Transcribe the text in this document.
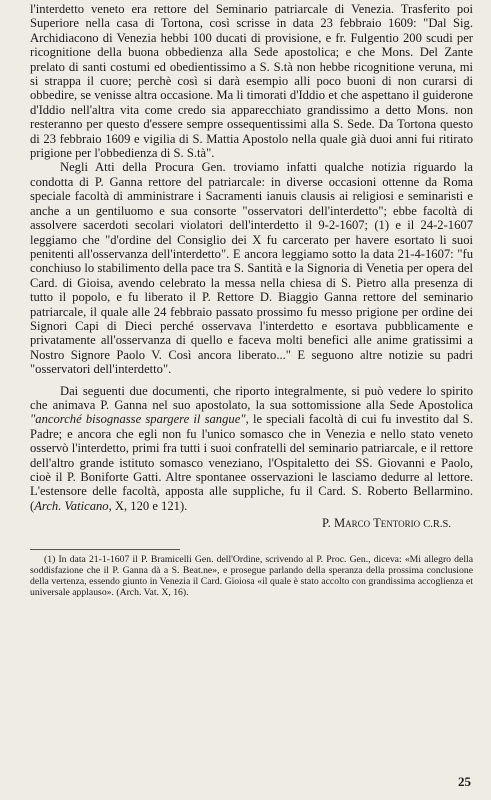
l'interdetto veneto era rettore del Seminario patriarcale di Venezia. Trasferito poi Superiore nella casa di Tortona, così scrisse in data 23 febbraio 1609: "Dal Sig. Archidiacono di Venezia hebbi 100 ducati di provisione, e fr. Fulgentio 200 scudi per ricognitione della buona obbedienza alla Sede apostolica; e che Mons. Del Zante prelato di santi costumi ed obedientissimo a S. S.tà non hebbe ricognitione veruna, mi si strappa il cuore; perchè così si darà esempio alli poco buoni di non curarsi di obbedire, se venisse altra occasione. Ma li timorati d'Iddio et che aspettano il guiderone d'Iddio nell'altra vita come credo sia apparecchiato grandissimo a detto Mons. non resteranno per questo d'essere sempre ossequentissimi alla S. Sede. Da Tortona questo di 23 febbraio 1609 e vigilia di S. Mattia Apostolo nella quale già duoi anni fui ritirato prigione per l'obbedienza di S. S.tà".

Negli Atti della Procura Gen. troviamo infatti qualche notizia riguardo la condotta di P. Ganna rettore del patriarcale: in diverse occasioni ottenne da Roma speciale facoltà di amministrare i Sacramenti ianuis clausis ai religiosi e seminaristi e anche a un gentiluomo e sua consorte "osservatori dell'interdetto"; ebbe facoltà di assolvere sacerdoti secolari violatori dell'interdetto il 9-2-1607; (1) e il 24-2-1607 leggiamo che "d'ordine del Consiglio dei X fu carcerato per havere esortato li suoi penitenti all'osservanza dell'interdetto". E ancora leggiamo sotto la data 21-4-1607: "fu conchiuso lo stabilimento della pace tra S. Santità e la Signoria di Venetia per opera del Card. di Gioisa, avendo celebrato la messa nella chiesa di S. Pietro alla presenza di tutto il popolo, e fu liberato il P. Rettore D. Biaggio Ganna rettore del seminario patriarcale, il quale alle 24 febbraio passato prossimo fu messo prigione per ordine dei Signori Capi di Dieci perché osservava l'interdetto e esortava pubblicamente e privatamente all'osservanza di quello e faceva molti benefici alle anime gratissimi a Nostro Signore Paolo V. Così ancora liberato..." E seguono altre notizie su padri "osservatori dell'interdetto".

Dai seguenti due documenti, che riporto integralmente, si può vedere lo spirito che animava P. Ganna nel suo apostolato, la sua sottomissione alla Sede Apostolica "ancorché bisognasse spargere il sangue", le speciali facoltà di cui fu investito dal S. Padre; e ancora che egli non fu l'unico somasco che in Venezia e nello stato veneto osservò l'interdetto, primi fra tutti i suoi confratelli del seminario patriarcale, e il rettore dell'altro grande istituto somasco veneziano, l'Ospitaletto dei SS. Giovanni e Paolo, cioè il P. Boniforte Gatti. Altre spontanee osservazioni le lasciamo dedurre al lettore. L'estensore delle facoltà, apposta alle suppliche, fu il Card. S. Roberto Bellarmino. (Arch. Vaticano, X, 120 e 121).

P. Marco Tentorio C.R.S.

(1) In data 21-1-1607 il P. Bramicelli Gen. dell'Ordine, scrivendo al P. Proc. Gen., diceva: «Mi allegro della soddisfazione che il P. Ganna dà a S. Beat.ne», e prosegue parlando della speranza della prossima conclusione della vertenza, essendo giunto in Venezia il Card. Gioiosa «il quale è stato accolto con grandissima accoglienza et universale applauso». (Arch. Vat. X, 16).

25
